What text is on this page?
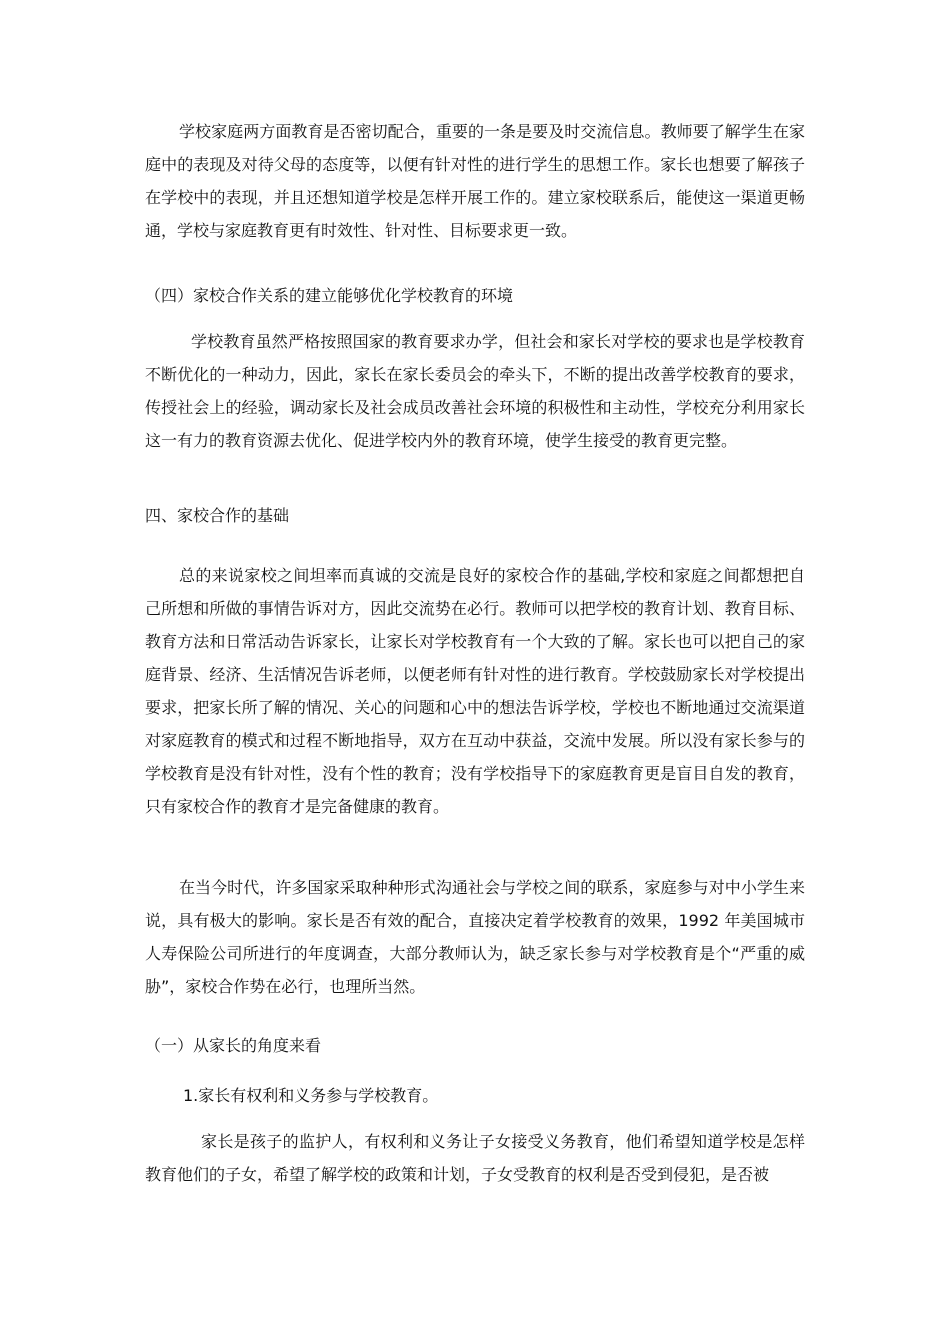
学校家庭两方面教育是否密切配合，重要的一条是要及时交流信息。教师要了解学生在家庭中的表现及对待父母的态度等，以便有针对性的进行学生的思想工作。家长也想要了解孩子在学校中的表现，并且还想知道学校是怎样开展工作的。建立家校联系后，能使这一渠道更畅通，学校与家庭教育更有时效性、针对性、目标要求更一致。

（四）家校合作关系的建立能够优化学校教育的环境

学校教育虽然严格按照国家的教育要求办学，但社会和家长对学校的要求也是学校教育不断优化的一种动力，因此，家长在家长委员会的牵头下，不断的提出改善学校教育的要求，传授社会上的经验，调动家长及社会成员改善社会环境的积极性和主动性，学校充分利用家长这一有力的教育资源去优化、促进学校内外的教育环境，使学生接受的教育更完整。

四、家校合作的基础

总的来说家校之间坦率而真诚的交流是良好的家校合作的基础,学校和家庭之间都想把自己所想和所做的事情告诉对方，因此交流势在必行。教师可以把学校的教育计划、教育目标、教育方法和日常活动告诉家长，让家长对学校教育有一个大致的了解。家长也可以把自己的家庭背景、经济、生活情况告诉老师，以便老师有针对性的进行教育。学校鼓励家长对学校提出要求，把家长所了解的情况、关心的问题和心中的想法告诉学校，学校也不断地通过交流渠道对家庭教育的模式和过程不断地指导，双方在互动中获益，交流中发展。所以没有家长参与的学校教育是没有针对性，没有个性的教育；没有学校指导下的家庭教育更是盲目自发的教育，只有家校合作的教育才是完备健康的教育。

在当今时代，许多国家采取种种形式沟通社会与学校之间的联系，家庭参与对中小学生来说，具有极大的影响。家长是否有效的配合，直接决定着学校教育的效果，1992 年美国城市人寿保险公司所进行的年度调查，大部分教师认为，缺乏家长参与对学校教育是个“严重的威胁”，家校合作势在必行，也理所当然。

（一）从家长的角度来看

1.家长有权利和义务参与学校教育。

家长是孩子的监护人，有权利和义务让子女接受义务教育，他们希望知道学校是怎样教育他们的子女，希望了解学校的政策和计划，子女受教育的权利是否受到侵犯，是否被
